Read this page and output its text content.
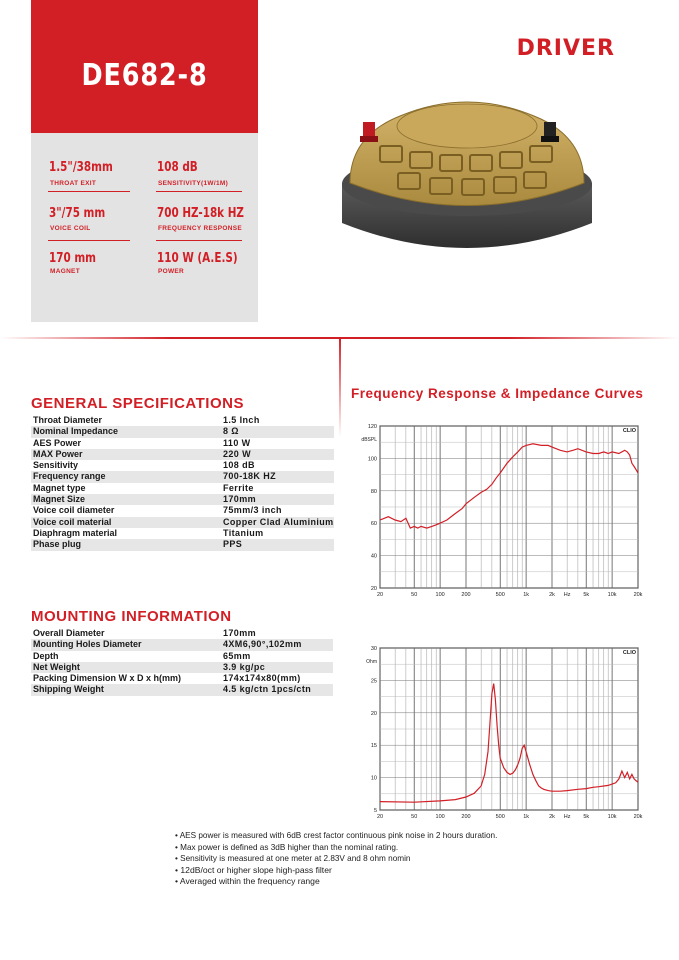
DE682-8
DRIVER
1.5"/38mm
THROAT EXIT
108 dB
SENSITIVITY(1W/1M)
3"/75 mm
VOICE COIL
700 HZ-18k HZ
FREQUENCY RESPONSE
170 mm
MAGNET
110 W (A.E.S)
POWER
GENERAL SPECIFICATIONS
Throat Diameter	1.5 Inch
Nominal Impedance	8 Ω
AES Power	110 W
MAX Power	220 W
Sensitivity	108 dB
Frequency range	700-18K HZ
Magnet type	Ferrite
Magnet Size	170mm
Voice coil diameter	75mm/3 inch
Voice coil material	Copper Clad Aluminium
Diaphragm material	Titanium
Phase plug	PPS
MOUNTING INFORMATION
Overall Diameter	170mm
Mounting Holes Diameter	4XM6,90°,102mm
Depth	65mm
Net Weight	3.9 kg/pc
Packing Dimension W x D x h(mm)	174x174x80(mm)
Shipping Weight	4.5 kg/ctn 1pcs/ctn
Frequency Response & Impedance Curves
120
100
80
60
40
20
20	50	100	200	500	1k	2k Hz 5k	10k	20k
dBSPL
CLIO
30
25
20
15
10
5
20	50	100	200	500	1k	2k Hz 5k	10k	20k
Ohm
CLIO
• AES power is measured with 6dB crest factor continuous pink noise in 2 hours duration.
• Max power is defined as 3dB higher than the nominal rating.
• Sensitivity is measured at one meter at 2.83V and 8 ohm nomin
• 12dB/oct or higher slope high-pass filter
• Averaged within the frequency range
